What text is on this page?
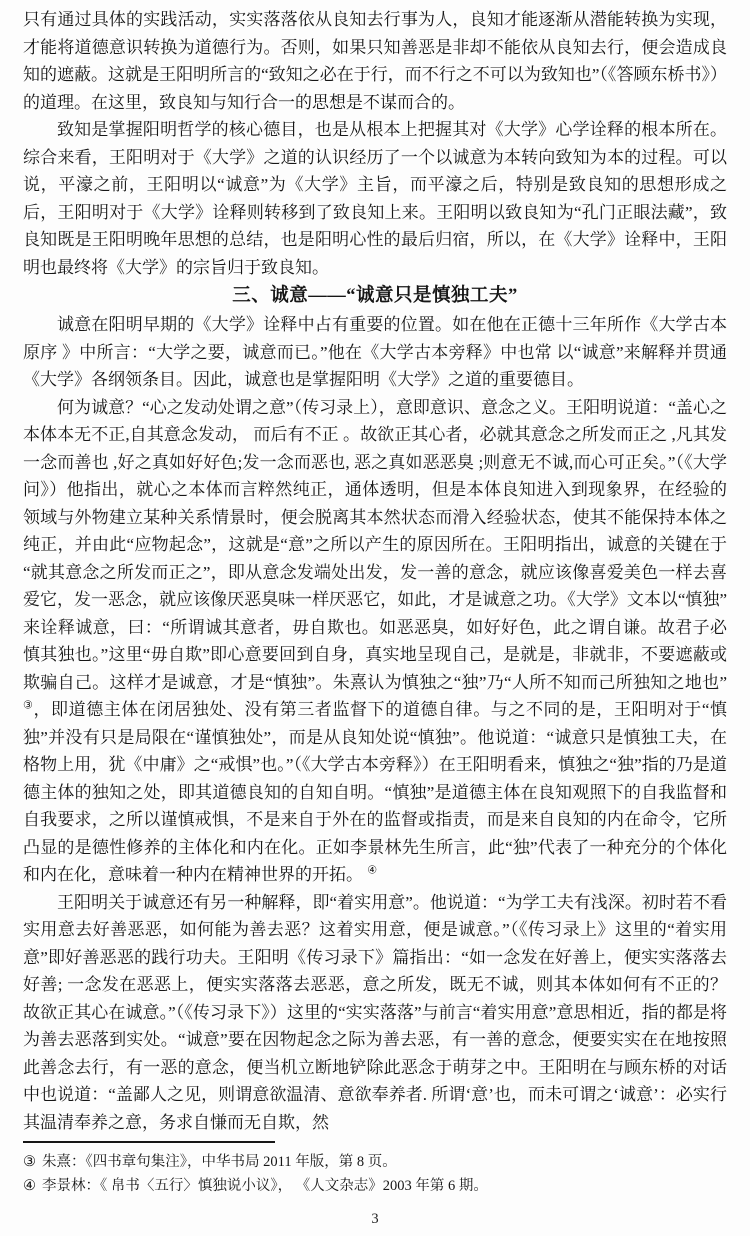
只有通过具体的实践活动，实实落落依从良知去行事为人，良知才能逐渐从潜能转换为实现，才能将道德意识转换为道德行为。否则，如果只知善恶是非却不能依从良知去行，便会造成良知的遮蔽。这就是王阳明所言的“致知之必在于行，而不行之不可以为致知也”（《答顾东桥书》）的道理。在这里，致良知与知行合一的思想是不谋而合的。

致知是掌握阳明哲学的核心德目，也是从根本上把握其对《大学》心学诠释的根本所在。综合来看，王阳明对于《大学》之道的认识经历了一个以诚意为本转向致知为本的过程。可以说，平濠之前，王阳明以“诚意”为《大学》主旨，而平濠之后，特别是致良知的思想形成之后，王阳明对于《大学》诠释则转移到了致良知上来。王阳明以致良知为“孔门正眼法藏”，致良知既是王阳明晚年思想的总结，也是阳明心性的最后归宿，所以，在《大学》诠释中，王阳明也最终将《大学》的宗旨归于致良知。

三、诚意——“诚意只是慎独工夫”

诚意在阳明早期的《大学》诠释中占有重要的位置。如在他在正德十三年所作《大学古本原序 》中所言：“大学之要，诚意而已。”他在《大学古本旁释》中也常 以“诚意”来解释并贯通《大学》各纲领条目。因此，诚意也是掌握阳明《大学》之道的重要德目。

何为诚意？“心之发动处谓之意”（传习录上），意即意识、意念之义。王阳明说道：“盖心之本体本无不正,自其意念发动， 而后有不正 。故欲正其心者，必就其意念之所发而正之 ,凡其发一念而善也 ,好之真如好好色;发一念而恶也, 恶之真如恶恶臭 ;则意无不诚,而心可正矣。”（《大学问》）他指出，就心之本体而言粹然纯正，通体透明，但是本体良知进入到现象界，在经验的领域与外物建立某种关系情景时，便会脱离其本然状态而滑入经验状态，使其不能保持本体之纯正，并由此“应物起念”，这就是“意”之所以产生的原因所在。王阳明指出，诚意的关键在于“就其意念之所发而正之”，即从意念发端处出发，发一善的意念，就应该像喜爱美色一样去喜爱它，发一恶念，就应该像厌恶臭味一样厌恶它，如此，才是诚意之功。《大学》文本以“慎独”来诠释诚意，曰：“所谓诚其意者，毋自欺也。如恶恶臭，如好好色，此之谓自谦。故君子必慎其独也。”这里“毋自欺”即心意要回到自身，真实地呈现自己，是就是，非就非，不要遮蔽或欺骗自己。这样才是诚意，才是“慎独”。朱熹认为慎独之“独”乃“人所不知而己所独知之地也”③，即道德主体在闭居独处、没有第三者监督下的道德自律。与之不同的是，王阳明对于“慎独”并没有只是局限在“谨慎独处”，而是从良知处说“慎独”。他说道：“诚意只是慎独工夫，在格物上用，犹《中庸》之“戒惧”也。”（《大学古本旁释》）在王阳明看来，慎独之“独”指的乃是道德主体的独知之处，即其道德良知的自知自明。“慎独”是道德主体在良知观照下的自我监督和自我要求，之所以谨慎戒惧，不是来自于外在的监督或指责，而是来自良知的内在命令，它所凸显的是德性修养的主体化和内在化。正如李景林先生所言，此“独”代表了一种充分的个体化和内在化，意味着一种内在精神世界的开拓。 ④

王阳明关于诚意还有另一种解释，即“着实用意”。他说道：“为学工夫有浅深。初时若不看实用意去好善恶恶，如何能为善去恶？这着实用意，便是诚意。”（《传习录上》这里的“着实用意”即好善恶恶的践行功夫。王阳明《传习录下》篇指出：“如一念发在好善上，便实实落落去好善; 一念发在恶恶上，便实实落落去恶恶，意之所发，既无不诚，则其本体如何有不正的？故欲正其心在诚意。”（《传习录下》）这里的“实实落落”与前言“着实用意”意思相近，指的都是将为善去恶落到实处。“诚意”要在因物起念之际为善去恶，有一善的意念，便要实实在在地按照此善念去行，有一恶的意念，便当机立断地铲除此恶念于萌芽之中。王阳明在与顾东桥的对话中也说道：“盖鄙人之见，则谓意欲温清、意欲奉养者. 所谓‘意’也，而未可谓之‘诚意’：必实行其温清奉养之意，务求自慊而无自欺，然

③ 朱熹：《四书章句集注》，中华书局 2011 年版，第 8 页。
④ 李景林：《 帛书〈五行〉慎独说小议》， 《人文杂志》2003 年第 6 期。
3
